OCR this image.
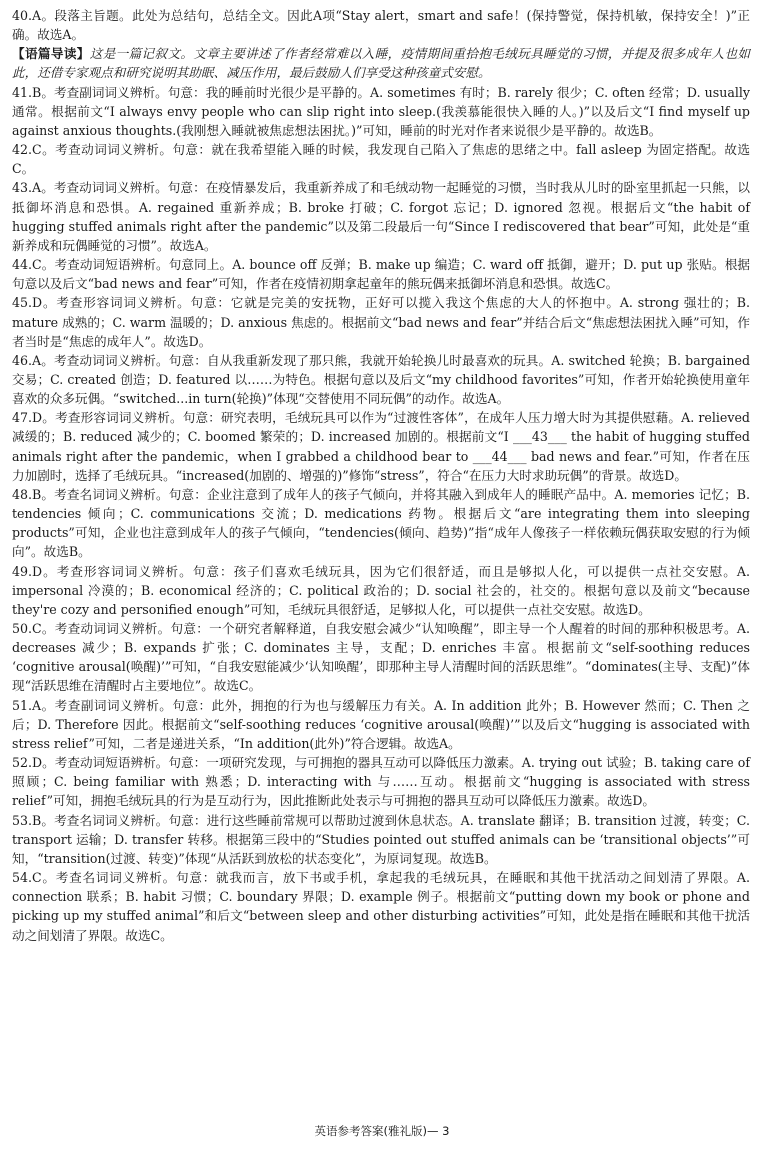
40.A。段落主旨题。此处为总结句，总结全文。因此A项“Stay alert，smart and safe！(保持警觉，保持机敏，保持安全！)”正确。故选A。

【语篇导读】这是一篇记叙文。文章主要讲述了作者经常难以入睡，疫情期间重拾抱毛绒玩具睡觉的习惯，并提及很多成年人也如此，还借专家观点和研究说明其助眠、减压作用，最后鼓励人们享受这种孩童式安慰。

41.B。考查副词词义辨析。句意：我的睡前时光很少是平静的。A. sometimes 有时；B. rarely 很少；C. often 经常；D. usually 通常。根据前文“I always envy people who can slip right into sleep.(我羡慕能很快入睡的人。)”以及后文“I find myself up against anxious thoughts.(我刚想入睡就被焦虑想法困扰。)”可知，睡前的时光对作者来说很少是平静的。故选B。

42.C。考查动词词义辨析。句意：就在我希望能入睡的时候，我发现自己陷入了焦虑的思绪之中。fall asleep 为固定搭配。故选C。

43.A。考查动词词义辨析。句意：在疫情暴发后，我重新养成了和毛绒动物一起睡觉的习惯，当时我从儿时的卧室里抓起一只熊，以抵御坏消息和恐惧。A. regained 重新养成；B. broke 打破；C. forgot 忘记；D. ignored 忽视。根据后文“the habit of hugging stuffed animals right after the pandemic”以及第二段最后一句“Since I rediscovered that bear”可知，此处是“重新养成和玩偶睡觉的习惯”。故选A。

44.C。考查动词短语辨析。句意同上。A. bounce off 反弹；B. make up 编造；C. ward off 抵御，避开；D. put up 张贴。根据句意以及后文“bad news and fear”可知，作者在疫情初期拿起童年的熊玩偶来抵御坏消息和恐惧。故选C。

45.D。考查形容词词义辨析。句意：它就是完美的安抚物，正好可以揽入我这个焦虑的大人的怀抱中。A. strong 强壮的；B. mature 成熟的；C. warm 温暖的；D. anxious 焦虑的。根据前文“bad news and fear”并结合后文“焦虑想法困扰入睡”可知，作者当时是“焦虑的成年人”。故选D。

46.A。考查动词词义辨析。句意：自从我重新发现了那只熊，我就开始轮换儿时最喜欢的玩具。A. switched 轮换；B. bargained 交易；C. created 创造；D. featured 以……为特色。根据句意以及后文“my childhood favorites”可知，作者开始轮换使用童年喜欢的众多玩偶。“switched...in turn(轮换)”体现“交替使用不同玩偶”的动作。故选A。

47.D。考查形容词词义辨析。句意：研究表明，毛绒玩具可以作为“过渡性客体”，在成年人压力增大时为其提供慰藉。A. relieved 减缓的；B. reduced 减少的；C. boomed 繁荣的；D. increased 加剧的。根据前文“I ___43___ the habit of hugging stuffed animals right after the pandemic，when I grabbed a childhood bear to ___44___ bad news and fear.”可知，作者在压力加剧时，选择了毛绒玩具。“increased(加剧的、增强的)”修饰“stress”，符合“在压力大时求助玩偶”的背景。故选D。

48.B。考查名词词义辨析。句意：企业注意到了成年人的孩子气倾向，并将其融入到成年人的睡眠产品中。A. memories 记忆；B. tendencies 倾向；C. communications 交流；D. medications 药物。根据后文“are integrating them into sleeping products”可知，企业也注意到成年人的孩子气倾向，“tendencies(倾向、趋势)”指“成年人像孩子一样依赖玩偶获取安慰的行为倾向”。故选B。

49.D。考查形容词词义辨析。句意：孩子们喜欢毛绒玩具，因为它们很舒适，而且是够拟人化，可以提供一点社交安慰。A. impersonal 冷漠的；B. economical 经济的；C. political 政治的；D. social 社会的，社交的。根据句意以及前文“because they're cozy and personified enough”可知，毛绒玩具很舒适，足够拟人化，可以提供一点社交安慰。故选D。

50.C。考查动词词义辨析。句意：一个研究者解释道，自我安慰会减少“认知唤醒”，即主导一个人醒着的时间的那种积极思考。A. decreases 减少；B. expands 扩张；C. dominates 主导，支配；D. enriches 丰富。根据前文“self-soothing reduces ‘cognitive arousal(唤醒)’”可知，“自我安慰能减少‘认知唤醒’，即那种主导人清醒时间的活跃思维”。“dominates(主导、支配)”体现“活跃思维在清醒时占主要地位”。故选C。

51.A。考查副词词义辨析。句意：此外，拥抱的行为也与缓解压力有关。A. In addition 此外；B. However 然而；C. Then 之后；D. Therefore 因此。根据前文“self-soothing reduces ‘cognitive arousal(唤醒)’”以及后文“hugging is associated with stress relief”可知，二者是递进关系，“In addition(此外)”符合逻辑。故选A。

52.D。考查动词短语辨析。句意：一项研究发现，与可拥抱的器具互动可以降低压力激素。A. trying out 试验；B. taking care of 照顾；C. being familiar with 熟悉；D. interacting with 与……互动。根据前文“hugging is associated with stress relief”可知，拥抱毛绒玩具的行为是互动行为，因此推断此处表示与可拥抱的器具互动可以降低压力激素。故选D。

53.B。考查名词词义辨析。句意：进行这些睡前常规可以帮助过渡到休息状态。A. translate 翻译；B. transition 过渡，转变；C. transport 运输；D. transfer 转移。根据第三段中的“Studies pointed out stuffed animals can be ‘transitional objects’”可知，“transition(过渡、转变)”体现“从活跃到放松的状态变化”，为原词复现。故选B。

54.C。考查名词词义辨析。句意：就我而言，放下书或手机，拿起我的毛绒玩具，在睡眠和其他干扰活动之间划清了界限。A. connection 联系；B. habit 习惯；C. boundary 界限；D. example 例子。根据前文“putting down my book or phone and picking up my stuffed animal”和后文“between sleep and other disturbing activities”可知，此处是指在睡眠和其他干扰活动之间划清了界限。故选C。

英语参考答案(雅礼版)— 3
